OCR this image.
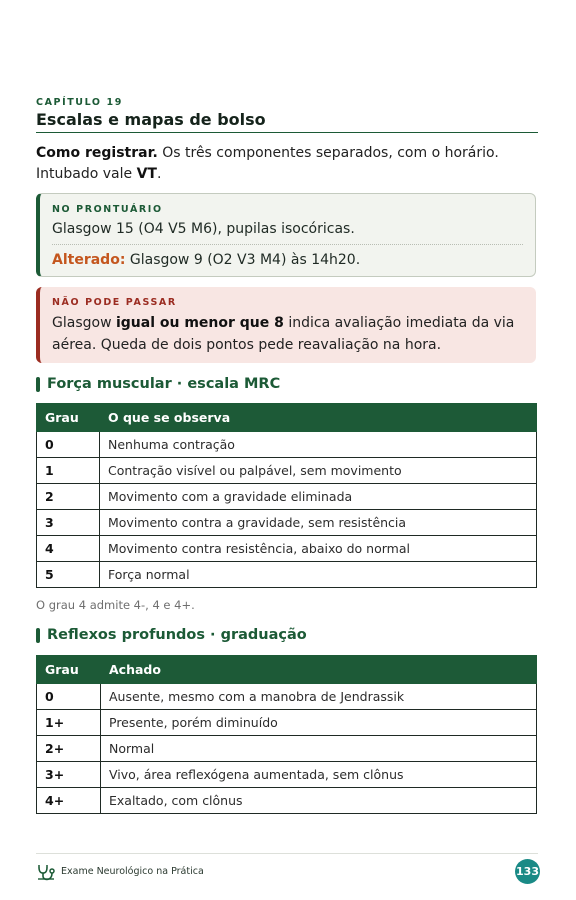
CAPÍTULO 19
Escalas e mapas de bolso
Como registrar. Os três componentes separados, com o horário. Intubado vale VT.
NO PRONTUÁRIO
Glasgow 15 (O4 V5 M6), pupilas isocóricas.
Alterado: Glasgow 9 (O2 V3 M4) às 14h20.
NÃO PODE PASSAR
Glasgow igual ou menor que 8 indica avaliação imediata da via aérea. Queda de dois pontos pede reavaliação na hora.
Força muscular · escala MRC
Grau	O que se observa
0	Nenhuma contração
1	Contração visível ou palpável, sem movimento
2	Movimento com a gravidade eliminada
3	Movimento contra a gravidade, sem resistência
4	Movimento contra resistência, abaixo do normal
5	Força normal
O grau 4 admite 4-, 4 e 4+.
Reflexos profundos · graduação
Grau	Achado
0	Ausente, mesmo com a manobra de Jendrassik
1+	Presente, porém diminuído
2+	Normal
3+	Vivo, área reflexógena aumentada, sem clônus
4+	Exaltado, com clônus
Exame Neurológico na Prática	133
